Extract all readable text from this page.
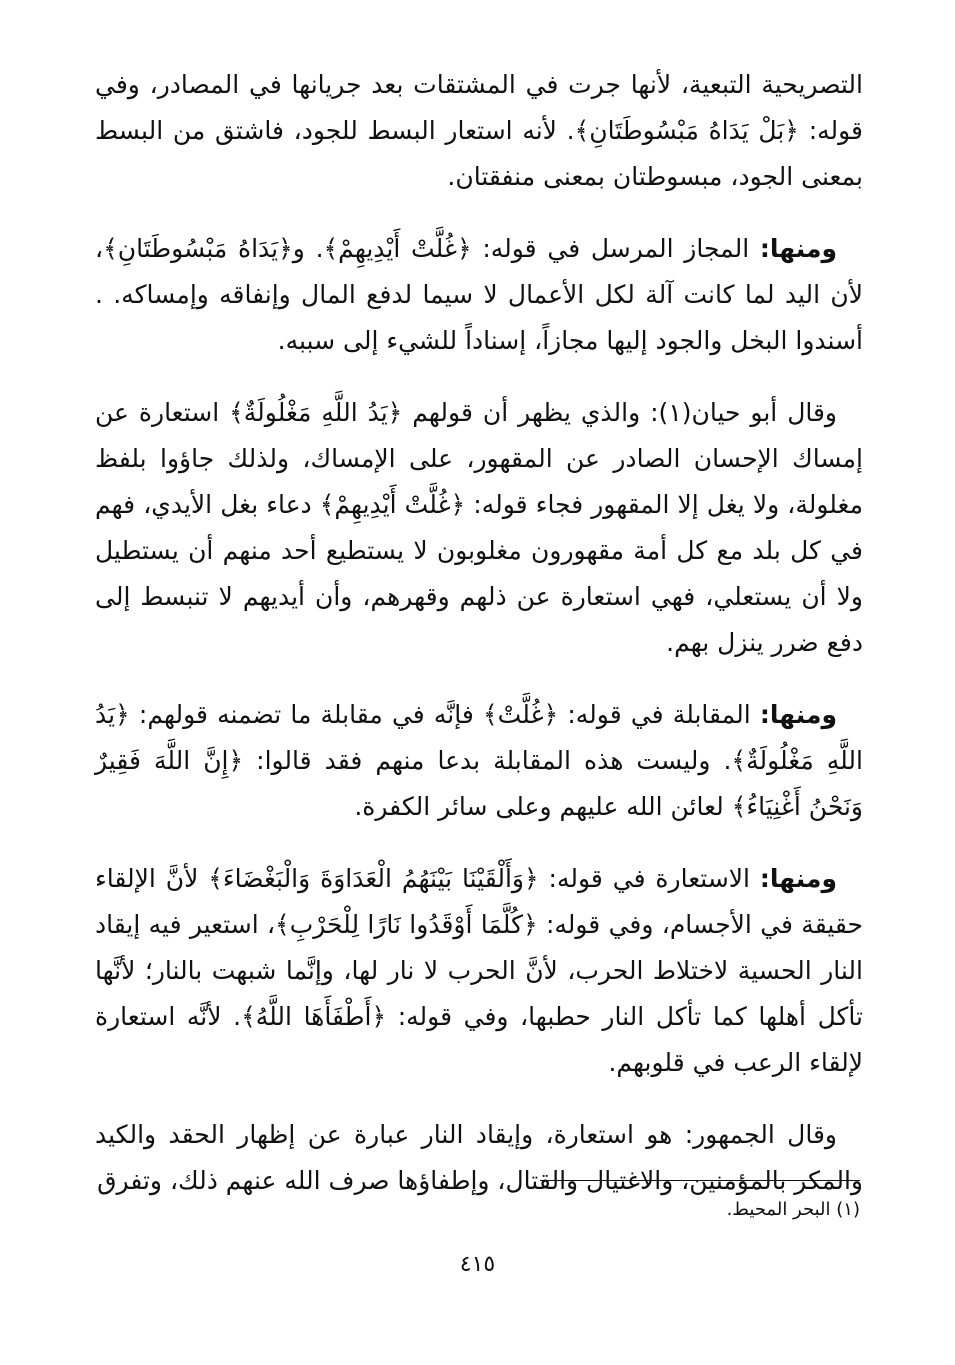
التصريحية التبعية، لأنها جرت في المشتقات بعد جريانها في المصادر، وفي قوله: ﴿بَلْ يَدَاهُ مَبْسُوطَتَانِ﴾. لأنه استعار البسط للجود، فاشتق من البسط بمعنى الجود، مبسوطتان بمعنى منفقتان.

ومنها: المجاز المرسل في قوله: ﴿غُلَّتْ أَيْدِيهِمْ﴾. و﴿يَدَاهُ مَبْسُوطَتَانِ﴾، لأن اليد لما كانت آلة لكل الأعمال لا سيما لدفع المال وإنفاقه وإمساكه. . أسندوا البخل والجود إليها مجازاً، إسناداً للشيء إلى سببه.

وقال أبو حيان(١): والذي يظهر أن قولهم ﴿يَدُ اللَّهِ مَغْلُولَةٌ﴾ استعارة عن إمساك الإحسان الصادر عن المقهور، على الإمساك، ولذلك جاؤوا بلفظ مغلولة، ولا يغل إلا المقهور فجاء قوله: ﴿غُلَّتْ أَيْدِيهِمْ﴾ دعاء بغل الأيدي، فهم في كل بلد مع كل أمة مقهورون مغلوبون لا يستطيع أحد منهم أن يستطيل ولا أن يستعلي، فهي استعارة عن ذلهم وقهرهم، وأن أيديهم لا تنبسط إلى دفع ضرر ينزل بهم.

ومنها: المقابلة في قوله: ﴿غُلَّتْ﴾ فإنَّه في مقابلة ما تضمنه قولهم: ﴿يَدُ اللَّهِ مَغْلُولَةٌ﴾. وليست هذه المقابلة بدعا منهم فقد قالوا: ﴿إِنَّ اللَّهَ فَقِيرٌ وَنَحْنُ أَغْنِيَاءُ﴾ لعائن الله عليهم وعلى سائر الكفرة.

ومنها: الاستعارة في قوله: ﴿وَأَلْقَيْنَا بَيْنَهُمُ الْعَدَاوَةَ وَالْبَغْضَاءَ﴾ لأنَّ الإلقاء حقيقة في الأجسام، وفي قوله: ﴿كُلَّمَا أَوْقَدُوا نَارًا لِلْحَرْبِ﴾، استعير فيه إيقاد النار الحسية لاختلاط الحرب، لأنَّ الحرب لا نار لها، وإنَّما شبهت بالنار؛ لأنَّها تأكل أهلها كما تأكل النار حطبها، وفي قوله: ﴿أَطْفَأَهَا اللَّهُ﴾. لأنَّه استعارة لإلقاء الرعب في قلوبهم.

وقال الجمهور: هو استعارة، وإيقاد النار عبارة عن إظهار الحقد والكيد والمكر بالمؤمنين، والاغتيال والقتال، وإطفاؤها صرف الله عنهم ذلك، وتفرق

(١) البحر المحيط.
٤١٥
